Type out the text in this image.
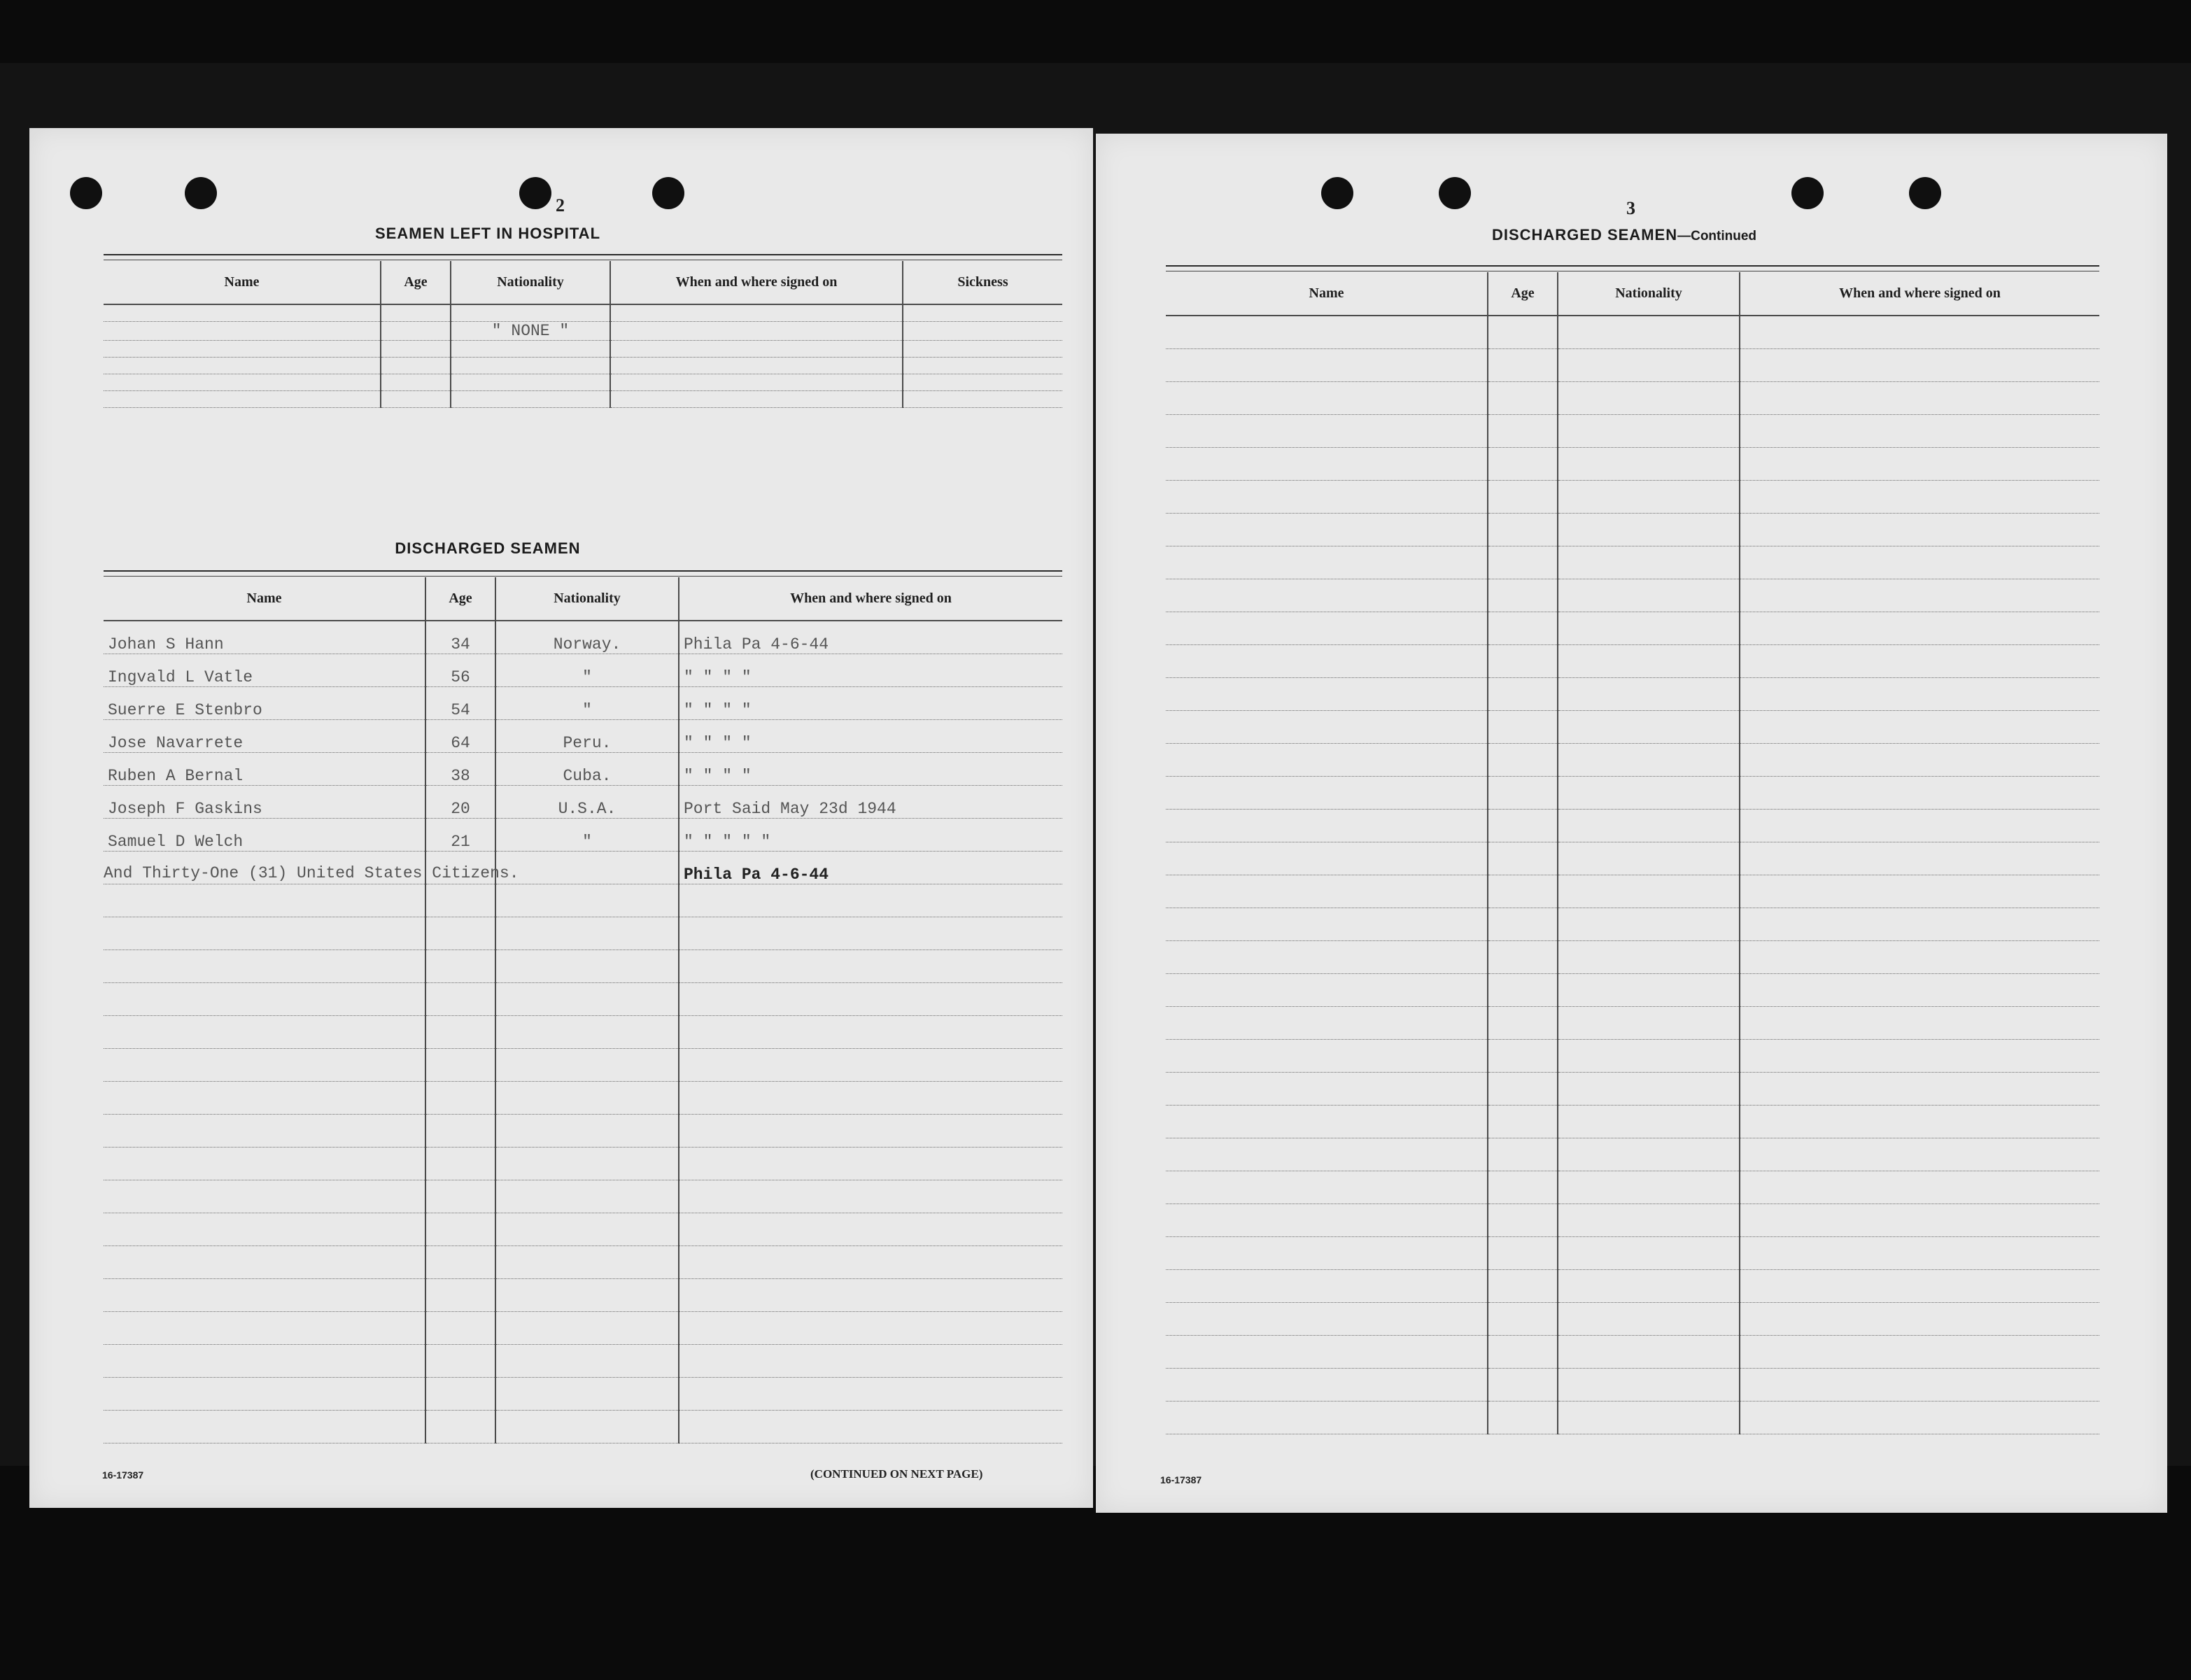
2
SEAMEN LEFT IN HOSPITAL
Name	Age	Nationality	When and where signed on	Sickness

		" NONE "		

DISCHARGED SEAMEN
Name	Age	Nationality	When and where signed on
Johan S Hann	34	Norway.	Phila Pa 4-6-44
Ingvald L Vatle	56	"	" " " "
Suerre E Stenbro	54	"	" " " "
Jose Navarrete	64	Peru.	" " " "
Ruben A Bernal	38	Cuba.	" " " "
Joseph F Gaskins	20	U.S.A.	Port Said May 23d 1944
Samuel D Welch	21	"	" " " " "

And Thirty-One (31) United States Citizens.			Phila Pa 4-6-44

16-17387	(CONTINUED ON NEXT PAGE)
3
DISCHARGED SEAMEN—Continued
Name	Age	Nationality	When and where signed on

16-17387
